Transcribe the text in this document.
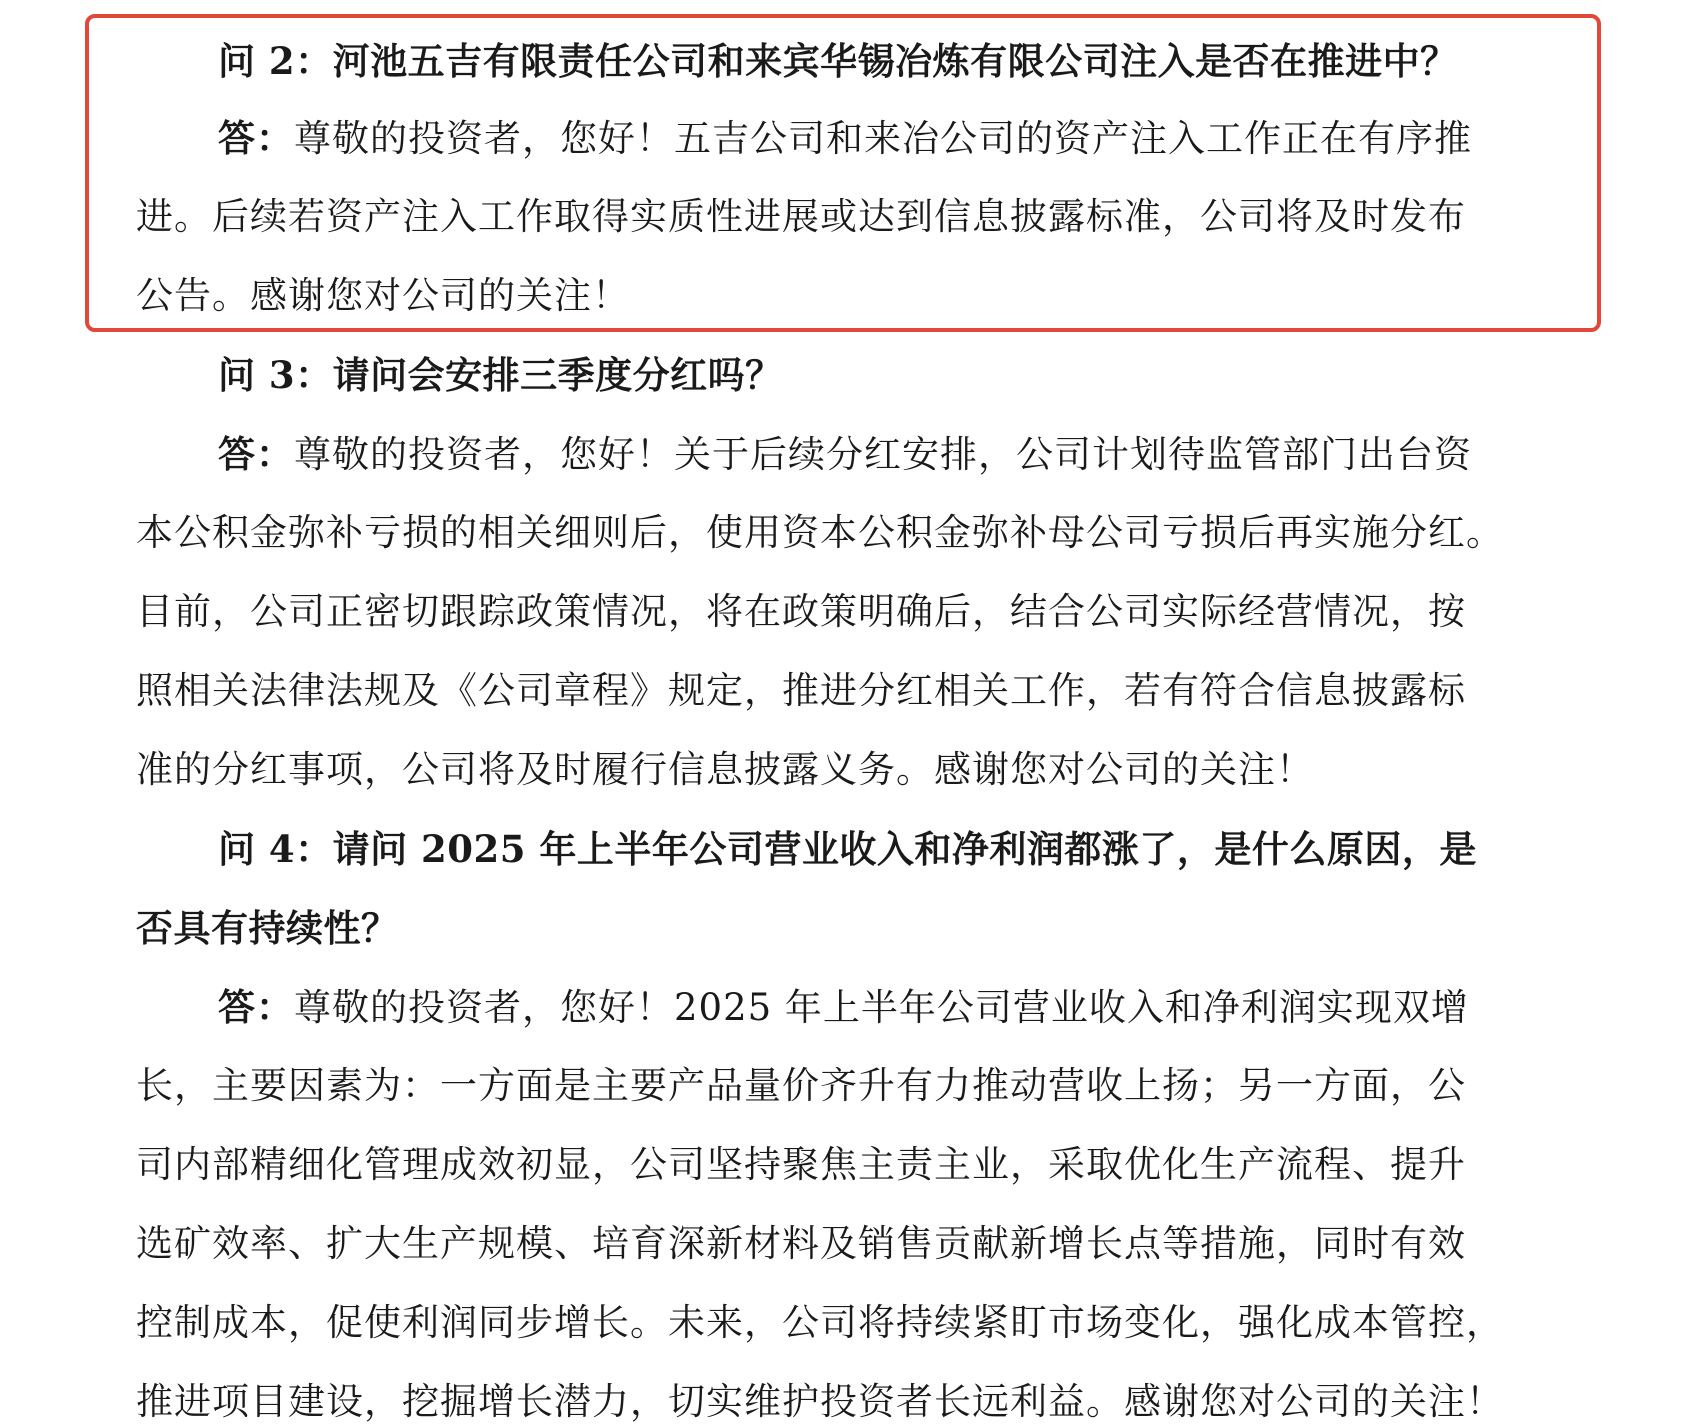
问 2：河池五吉有限责任公司和来宾华锡冶炼有限公司注入是否在推进中？
答：尊敬的投资者，您好！五吉公司和来冶公司的资产注入工作正在有序推
进。后续若资产注入工作取得实质性进展或达到信息披露标准，公司将及时发布
公告。感谢您对公司的关注！
问 3：请问会安排三季度分红吗？
答：尊敬的投资者，您好！关于后续分红安排，公司计划待监管部门出台资
本公积金弥补亏损的相关细则后，使用资本公积金弥补母公司亏损后再实施分红。
目前，公司正密切跟踪政策情况，将在政策明确后，结合公司实际经营情况，按
照相关法律法规及《公司章程》规定，推进分红相关工作，若有符合信息披露标
准的分红事项，公司将及时履行信息披露义务。感谢您对公司的关注！
问 4：请问 2025 年上半年公司营业收入和净利润都涨了，是什么原因，是
否具有持续性？
答：尊敬的投资者，您好！2025 年上半年公司营业收入和净利润实现双增
长，主要因素为：一方面是主要产品量价齐升有力推动营收上扬；另一方面，公
司内部精细化管理成效初显，公司坚持聚焦主责主业，采取优化生产流程、提升
选矿效率、扩大生产规模、培育深新材料及销售贡献新增长点等措施，同时有效
控制成本，促使利润同步增长。未来，公司将持续紧盯市场变化，强化成本管控，
推进项目建设，挖掘增长潜力，切实维护投资者长远利益。感谢您对公司的关注！
